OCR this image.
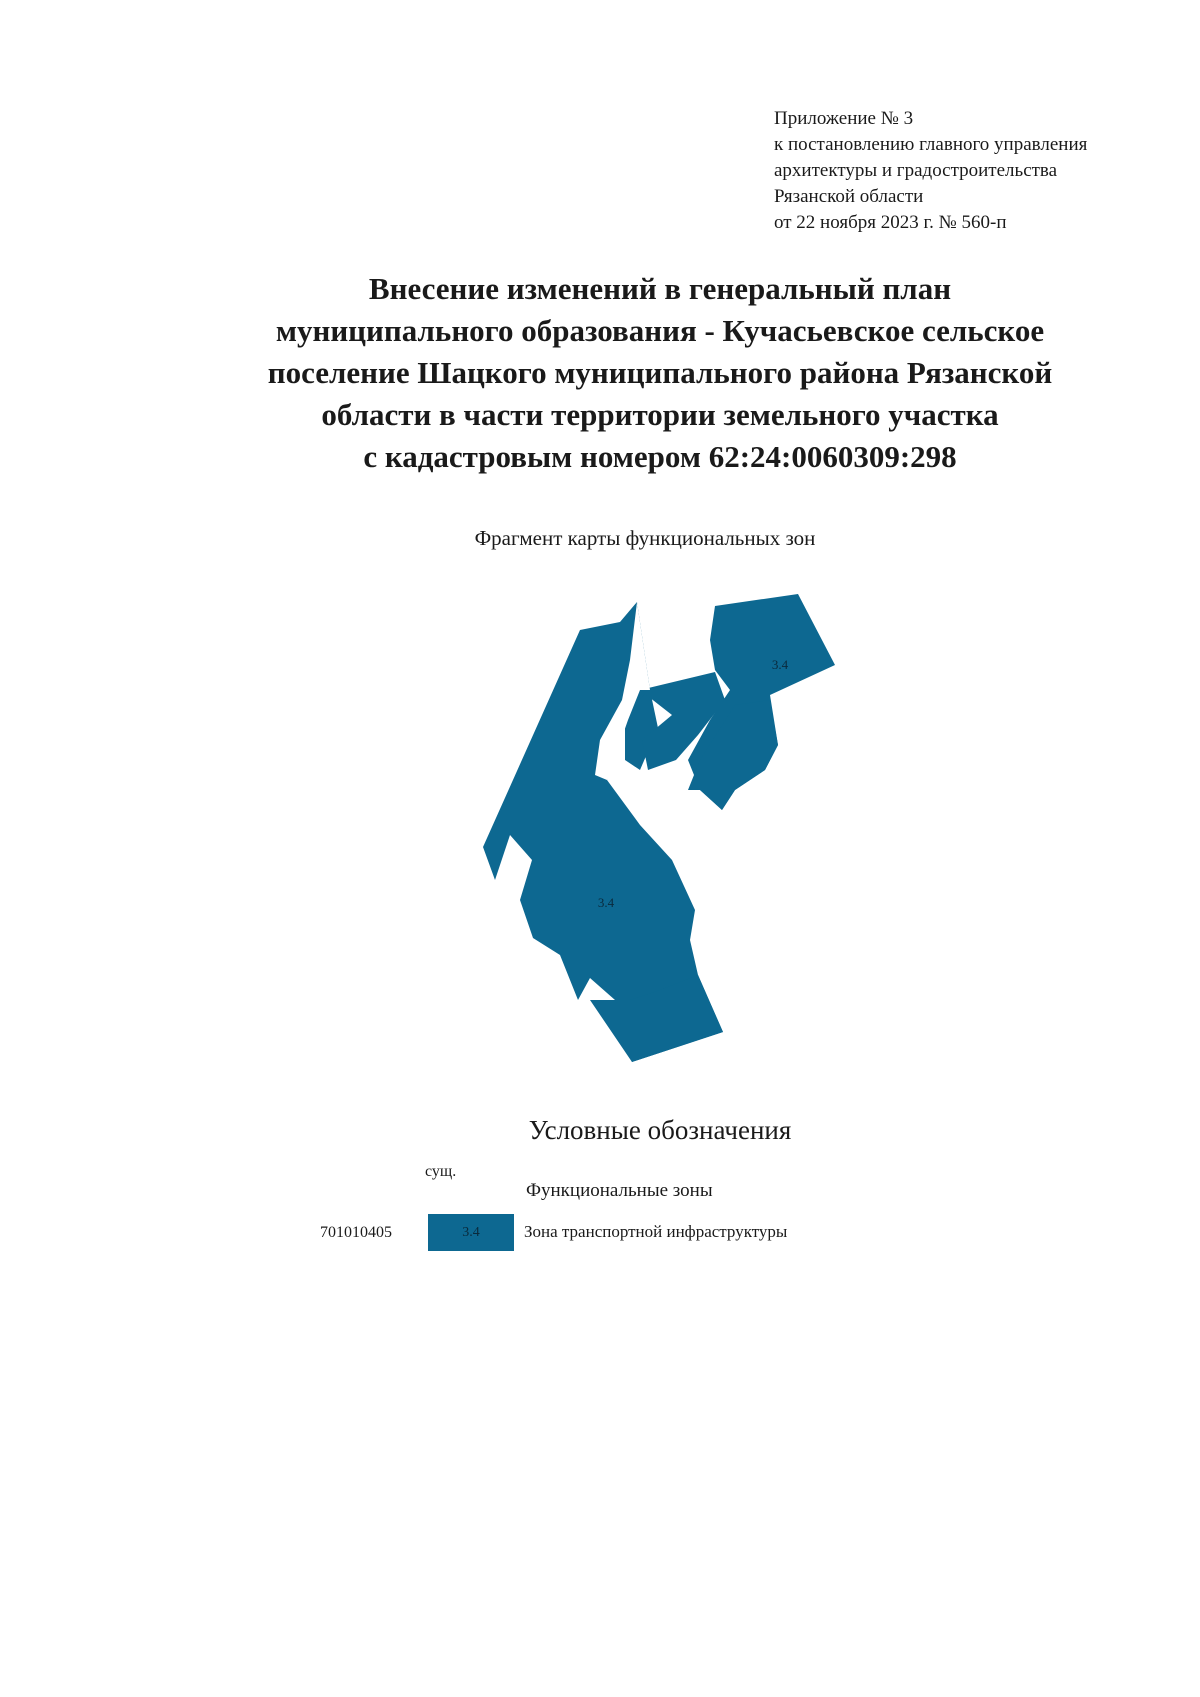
Приложение № 3
к постановлению главного управления
архитектуры и градостроительства
Рязанской области
от 22 ноября 2023 г. № 560-п
Внесение изменений в генеральный план
муниципального образования - Кучасьевское сельское
поселение Шацкого муниципального района Рязанской
области в части территории земельного участка
с кадастровым номером 62:24:0060309:298
Фрагмент карты функциональных зон
3.4
3.4
Условные обозначения
сущ.
Функциональные зоны
701010405	3.4	Зона транспортной инфраструктуры
